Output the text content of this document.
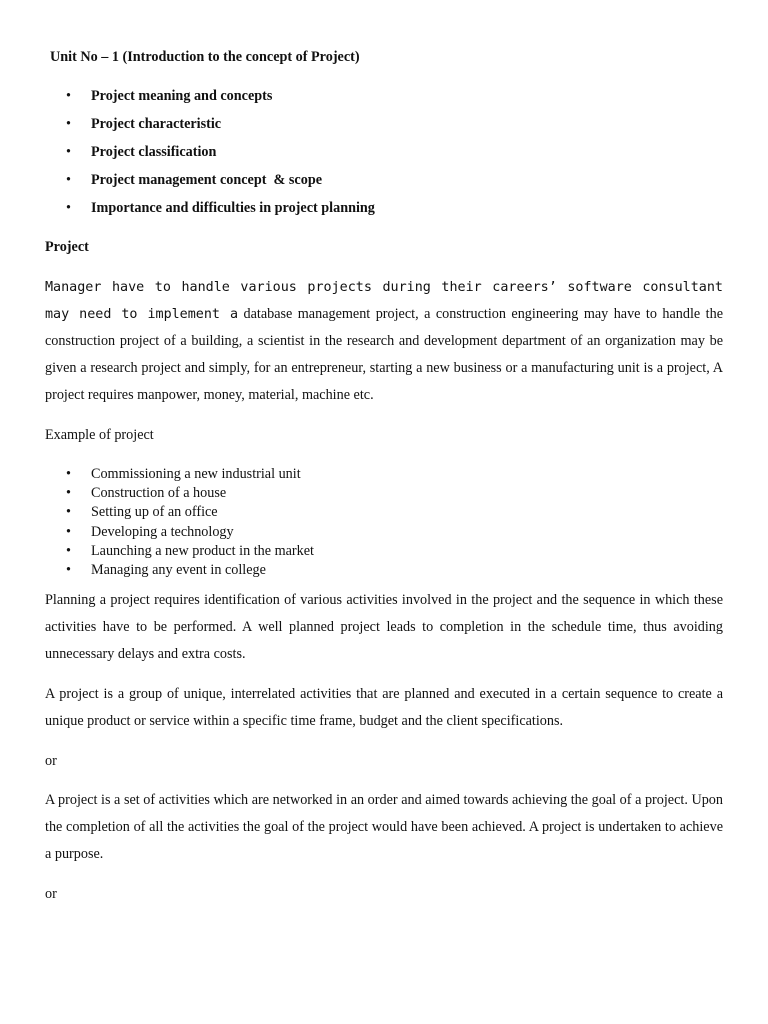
Unit No – 1 (Introduction to the concept of Project)
• Project meaning and concepts
• Project characteristic
• Project classification
• Project management concept  & scope
• Importance and difficulties in project planning
Project

Manager have to handle various projects during their careers’ software consultant may need to implement a database management project, a construction engineering may have to handle the construction project of a building, a scientist in the research and development department of an organization may be given a research project and simply, for an entrepreneur, starting a new business or a manufacturing unit is a project, A project requires manpower, money, material, machine etc.

Example of project
• Commissioning a new industrial unit
• Construction of a house
• Setting up of an office
• Developing a technology
• Launching a new product in the market
• Managing any event in college

Planning a project requires identification of various activities involved in the project and the sequence in which these activities have to be performed. A well planned project leads to completion in the schedule time, thus avoiding unnecessary delays and extra costs.

A project is a group of unique, interrelated activities that are planned and executed in a certain sequence to create a unique product or service within a specific time frame, budget and the client specifications.

or

A project is a set of activities which are networked in an order and aimed towards achieving the goal of a project. Upon the completion of all the activities the goal of the project would have been achieved. A project is undertaken to achieve a purpose.

or
